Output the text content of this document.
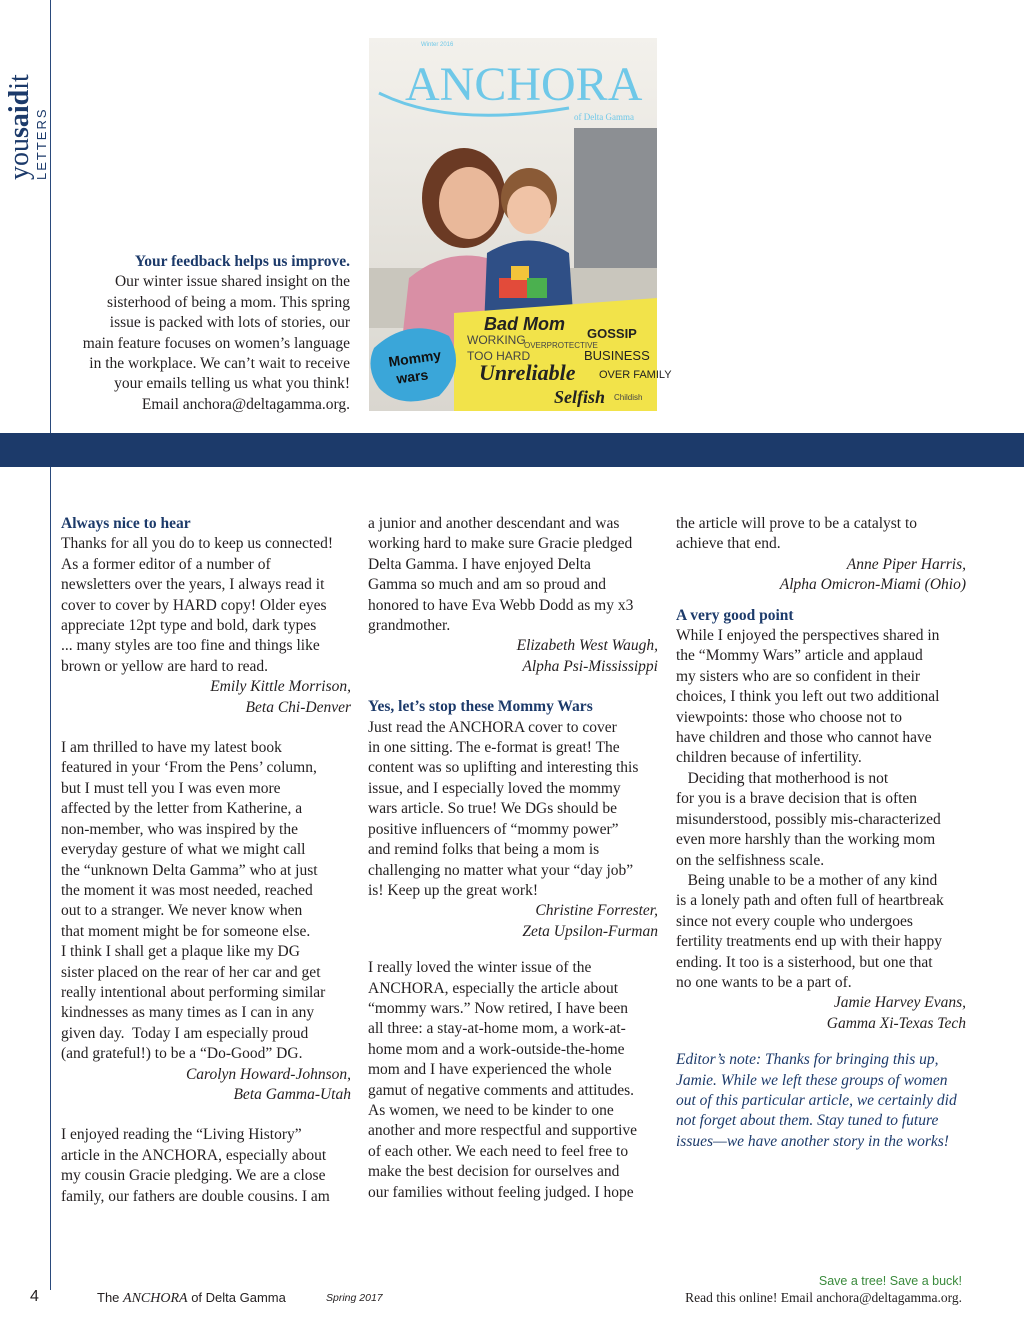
yousaidit
LETTERS
Your feedback helps us improve.
Our winter issue shared insight on the
sisterhood of being a mom. This spring
issue is packed with lots of stories, our
main feature focuses on women’s language
in the workplace. We can’t wait to receive
your emails telling us what you think!
Email anchora@deltagamma.org.
ANCHORA
of Delta Gamma
Winter 2016
Bad Mom GOSSIP
WORKING
OVERPROTECTIVE
TOO HARD	BUSINESS
Unreliable OVER FAMILY
Selfish Childish
Mommy
wars

Always nice to hear

Thanks for all you do to keep us connected!
As a former editor of a number of
newsletters over the years, I always read it
cover to cover by HARD copy! Older eyes
appreciate 12pt type and bold, dark types
... many styles are too fine and things like
brown or yellow are hard to read.
Emily Kittle Morrison,
Beta Chi-Denver
I am thrilled to have my latest book
featured in your ‘From the Pens’ column,
but I must tell you I was even more
affected by the letter from Katherine, a
non-member, who was inspired by the
everyday gesture of what we might call
the “unknown Delta Gamma” who at just
the moment it was most needed, reached
out to a stranger. We never know when
that moment might be for someone else.
I think I shall get a plaque like my DG
sister placed on the rear of her car and get
really intentional about performing similar
kindnesses as many times as I can in any
given day.  Today I am especially proud
(and grateful!) to be a “Do-Good” DG.
Carolyn Howard-Johnson,
Beta Gamma-Utah
I enjoyed reading the “Living History”
article in the ANCHORA, especially about
my cousin Gracie pledging. We are a close
family, our fathers are double cousins. I am
a junior and another descendant and was
working hard to make sure Gracie pledged
Delta Gamma. I have enjoyed Delta
Gamma so much and am so proud and
honored to have Eva Webb Dodd as my x3
grandmother.
Elizabeth West Waugh,
Alpha Psi-Mississippi

Yes, let’s stop these Mommy Wars

Just read the ANCHORA cover to cover
in one sitting. The e-format is great! The
content was so uplifting and interesting this
issue, and I especially loved the mommy
wars article. So true! We DGs should be
positive influencers of “mommy power”
and remind folks that being a mom is
challenging no matter what your “day job”
is! Keep up the great work!
Christine Forrester,
Zeta Upsilon-Furman
I really loved the winter issue of the
ANCHORA, especially the article about
“mommy wars.” Now retired, I have been
all three: a stay-at-home mom, a work-at-
home mom and a work-outside-the-home
mom and I have experienced the whole
gamut of negative comments and attitudes.
As women, we need to be kinder to one
another and more respectful and supportive
of each other. We each need to feel free to
make the best decision for ourselves and
our families without feeling judged. I hope
the article will prove to be a catalyst to
achieve that end.
Anne Piper Harris,
Alpha Omicron-Miami (Ohio)

A very good point

While I enjoyed the perspectives shared in
the “Mommy Wars” article and applaud
my sisters who are so confident in their
choices, I think you left out two additional
viewpoints: those who choose not to
have children and those who cannot have
children because of infertility.
Deciding that motherhood is not
for you is a brave decision that is often
misunderstood, possibly mis-characterized
even more harshly than the working mom
on the selfishness scale.
Being unable to be a mother of any kind
is a lonely path and often full of heartbreak
since not every couple who undergoes
fertility treatments end up with their happy
ending. It too is a sisterhood, but one that
no one wants to be a part of.
Jamie Harvey Evans,
Gamma Xi-Texas Tech
Editor’s note: Thanks for bringing this up,
Jamie. While we left these groups of women
out of this particular article, we certainly did
not forget about them. Stay tuned to future
issues—we have another story in the works!
4	The ANCHORA of Delta Gamma	Spring 2017
Save a tree! Save a buck!
Read this online! Email anchora@deltagamma.org.
